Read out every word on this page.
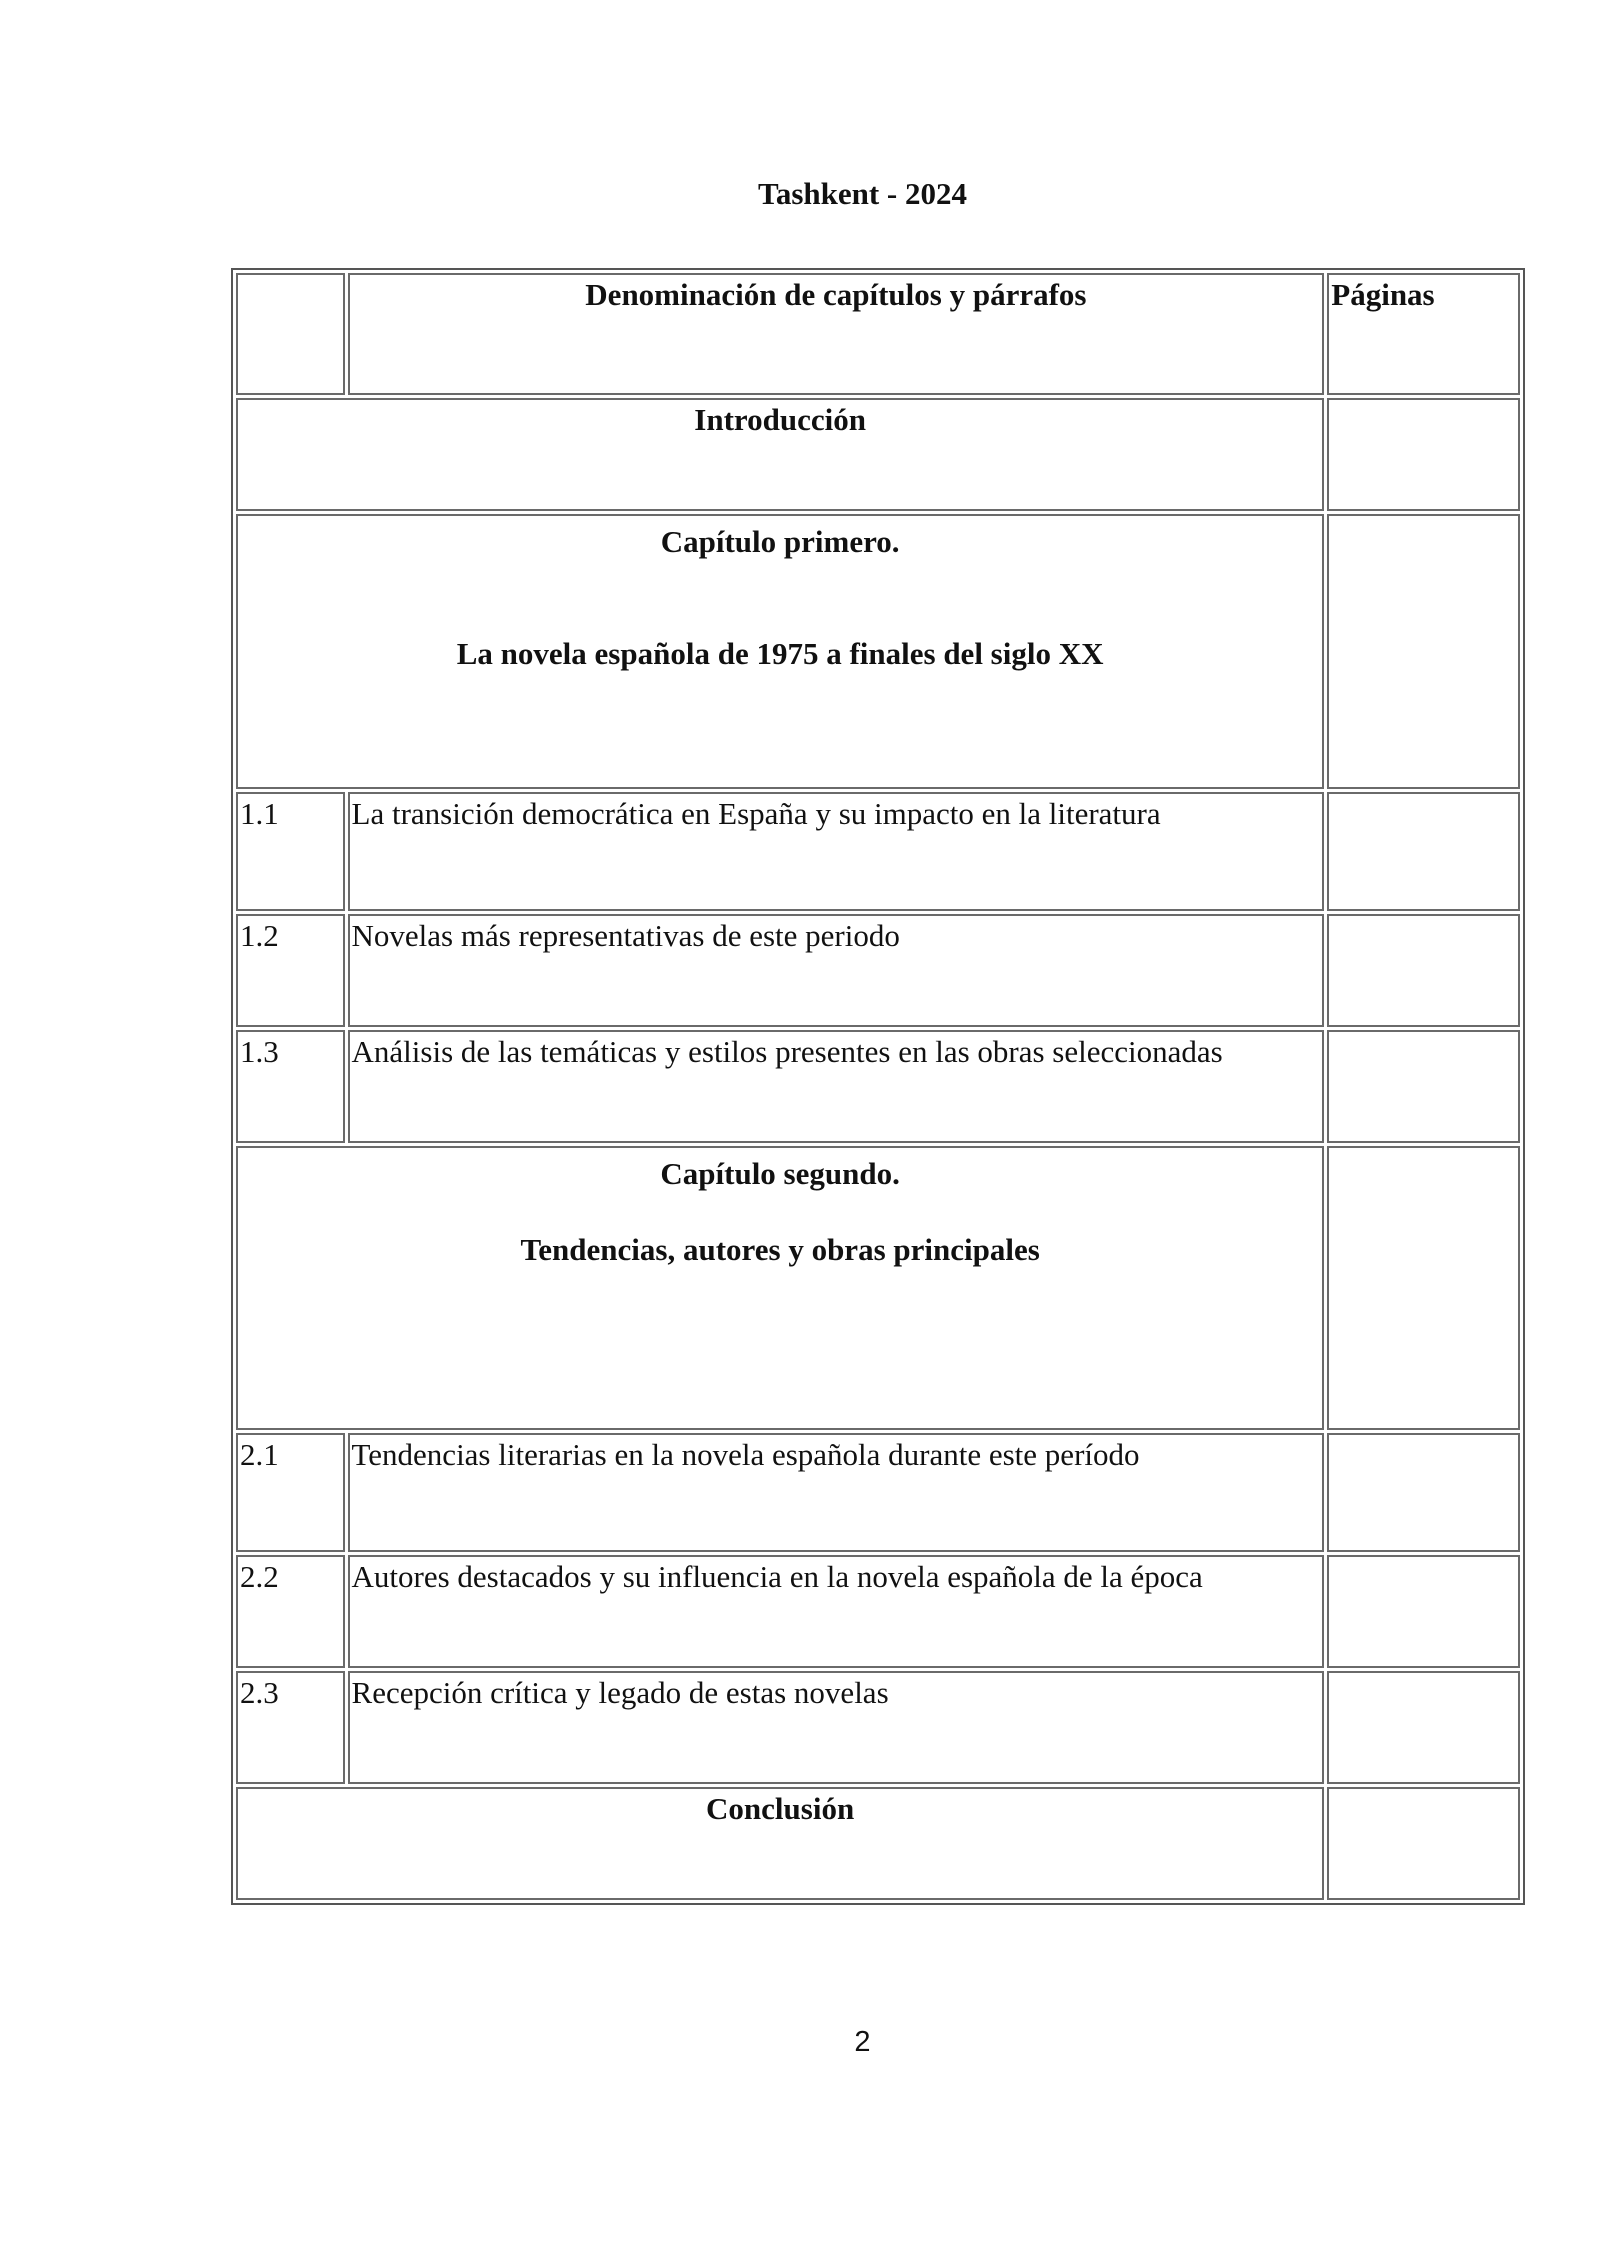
Tashkent - 2024
	Denominación de capítulos y párrafos	Páginas
Introducción		

Capítulo primero.
La novela española de 1975 a finales del siglo XX		

1.1	La transición democrática en España y su impacto en la literatura	
1.2	Novelas más representativas de este periodo	
1.3	Análisis de las temáticas y estilos presentes en las obras seleccionadas	

Capítulo segundo.
Tendencias, autores y obras principales		

2.1	Tendencias literarias en la novela española durante este período	
2.2	Autores destacados y su influencia en la novela española de la época	
2.3	Recepción crítica y legado de estas novelas	
Conclusión		
2
